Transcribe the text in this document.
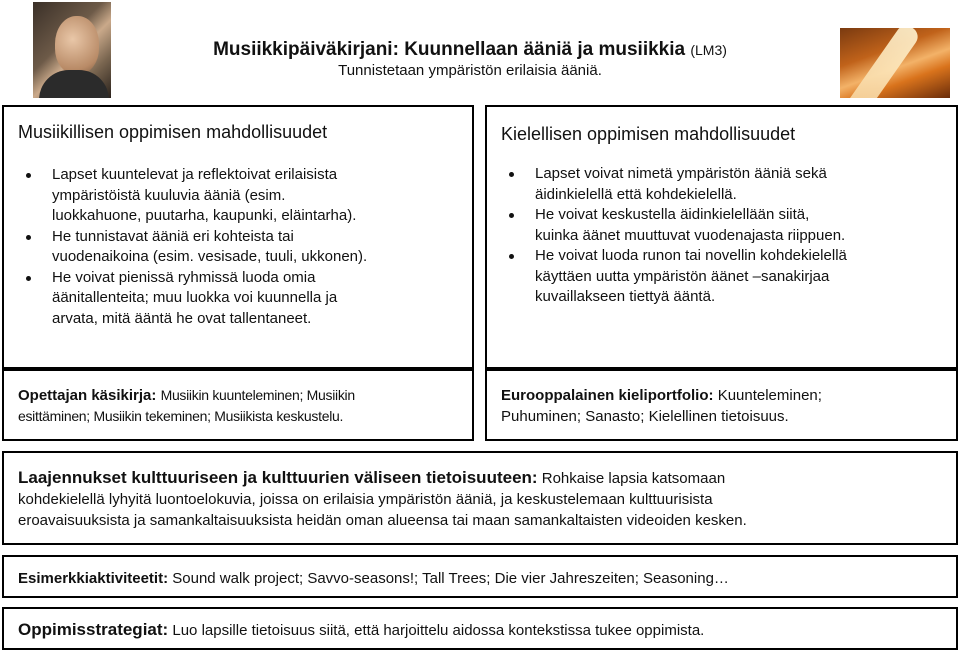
Musiikkipäiväkirjani: Kuunnellaan ääniä ja musiikkia (LM3)
Tunnistetaan ympäristön erilaisia ääniä.
Musiikillisen oppimisen mahdollisuudet
Lapset kuuntelevat ja reflektoivat erilaisista
ympäristöistä kuuluvia ääniä (esim.
luokkahuone, puutarha, kaupunki, eläintarha).
He tunnistavat ääniä eri kohteista tai
vuodenaikoina (esim. vesisade, tuuli, ukkonen).
He voivat pienissä ryhmissä luoda omia
äänitallenteita; muu luokka voi kuunnella ja
arvata, mitä ääntä he ovat tallentaneet.
Kielellisen oppimisen mahdollisuudet
Lapset voivat nimetä ympäristön ääniä sekä
äidinkielellä että kohdekielellä.
He voivat keskustella äidinkielellään siitä,
kuinka äänet muuttuvat vuodenajasta riippuen.
He voivat luoda runon tai novellin kohdekielellä
käyttäen uutta ympäristön äänet –sanakirjaa
kuvaillakseen tiettyä ääntä.
Opettajan käsikirja: Musiikin kuunteleminen; Musiikin
esittäminen; Musiikin tekeminen; Musiikista keskustelu.
Eurooppalainen kieliportfolio: Kuunteleminen;
Puhuminen; Sanasto; Kielellinen tietoisuus.
Laajennukset kulttuuriseen ja kulttuurien väliseen tietoisuuteen: Rohkaise lapsia katsomaan
kohdekielellä lyhyitä luontoelokuvia, joissa on erilaisia ympäristön ääniä, ja keskustelemaan kulttuurisista
eroavaisuuksista ja samankaltaisuuksista heidän oman alueensa tai maan samankaltaisten videoiden kesken.
Esimerkkiaktiviteetit: Sound walk project; Savvo-seasons!; Tall Trees; Die vier Jahreszeiten; Seasoning…
Oppimisstrategiat: Luo lapsille tietoisuus siitä, että harjoittelu aidossa kontekstissa tukee oppimista.
